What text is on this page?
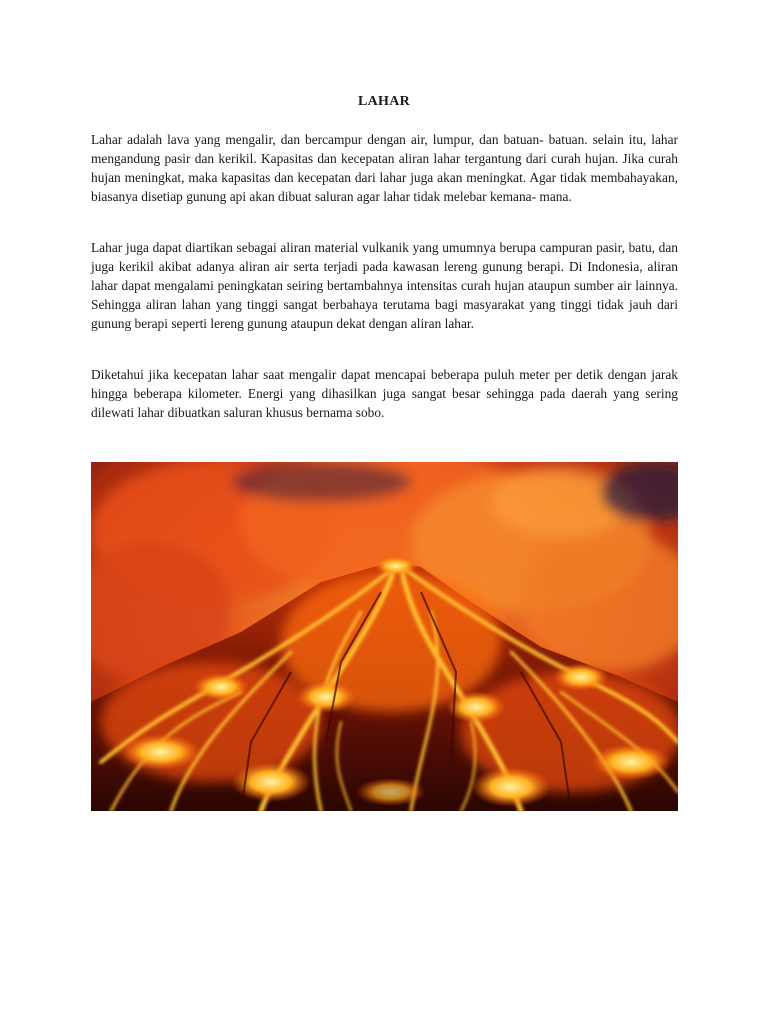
LAHAR

Lahar adalah lava yang mengalir, dan bercampur dengan air, lumpur, dan batuan- batuan. selain itu, lahar mengandung pasir dan kerikil. Kapasitas dan kecepatan aliran lahar tergantung dari curah hujan. Jika curah hujan meningkat, maka kapasitas dan kecepatan dari lahar juga akan meningkat. Agar tidak membahayakan, biasanya disetiap gunung api akan dibuat saluran agar lahar tidak melebar kemana- mana.

Lahar juga dapat diartikan sebagai aliran material vulkanik yang umumnya berupa campuran pasir, batu, dan juga kerikil akibat adanya aliran air serta terjadi pada kawasan lereng gunung berapi. Di Indonesia, aliran lahar dapat mengalami peningkatan seiring bertambahnya intensitas curah hujan ataupun sumber air lainnya. Sehingga aliran lahan yang tinggi sangat berbahaya terutama bagi masyarakat yang tinggi tidak jauh dari gunung berapi seperti lereng gunung ataupun dekat dengan aliran lahar.

Diketahui jika kecepatan lahar saat mengalir dapat mencapai beberapa puluh meter per detik dengan jarak hingga beberapa kilometer. Energi yang dihasilkan juga sangat besar sehingga pada daerah yang sering dilewati lahar dibuatkan saluran khusus bernama sobo.
